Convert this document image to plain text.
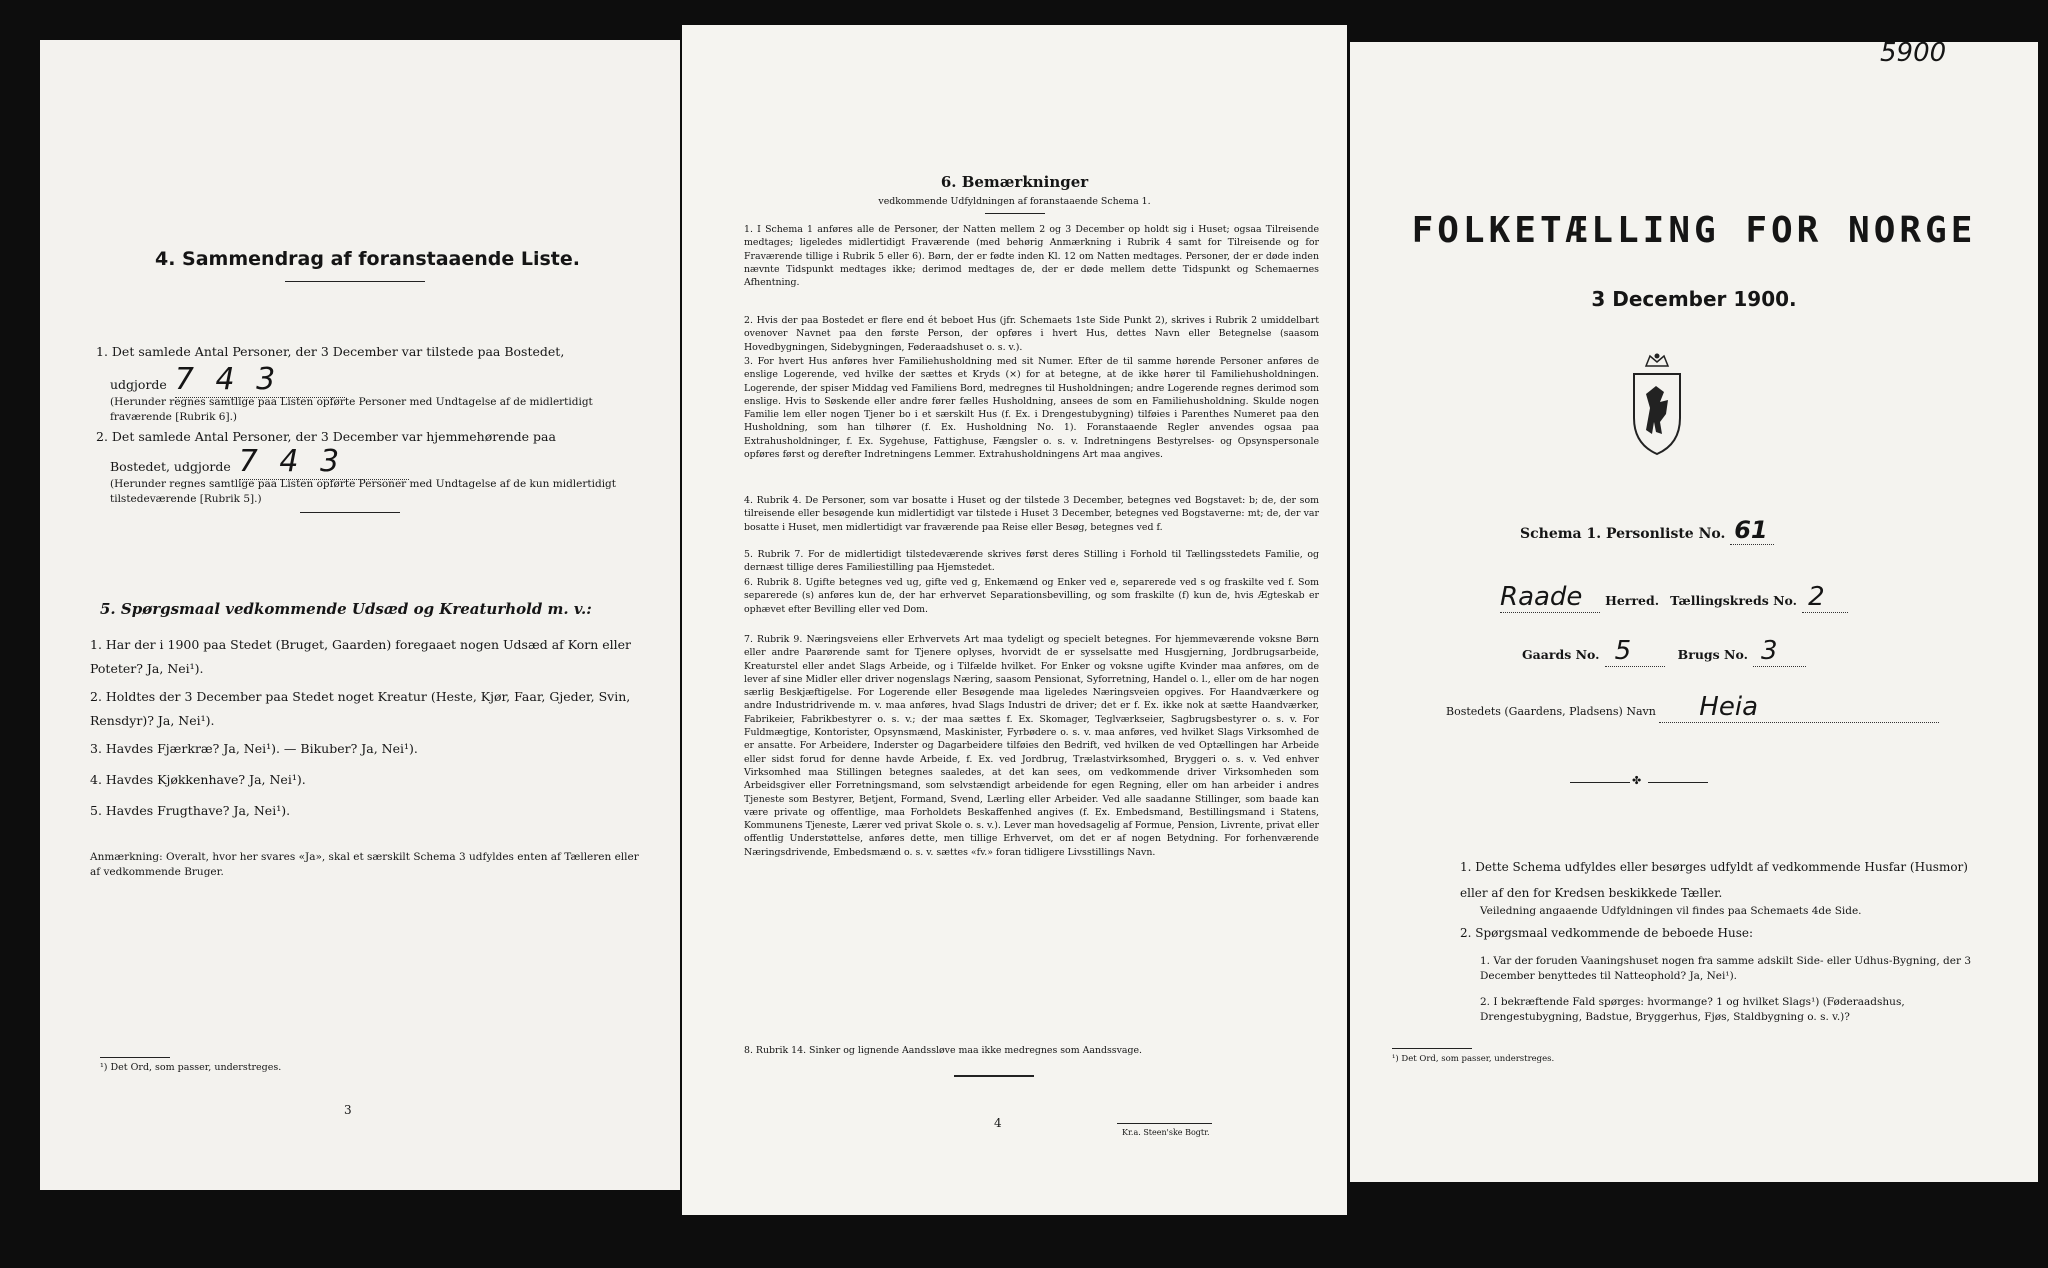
4. Sammendrag af foranstaaende Liste.
1. Det samlede Antal Personer, der 3 December var tilstede paa Bostedet,
udgjorde 7 4 3
(Herunder regnes samtlige paa Listen opførte Personer med Undtagelse af de midlertidigt fraværende [Rubrik 6].)
2. Det samlede Antal Personer, der 3 December var hjemmehørende paa
Bostedet, udgjorde 7 4 3
(Herunder regnes samtlige paa Listen opførte Personer med Undtagelse af de kun midlertidigt tilstedeværende [Rubrik 5].)
5. Spørgsmaal vedkommende Udsæd og Kreaturhold m. v.:
1. Har der i 1900 paa Stedet (Bruget, Gaarden) foregaaet nogen Udsæd af Korn eller Poteter? Ja, Nei¹).
2. Holdtes der 3 December paa Stedet noget Kreatur (Heste, Kjør, Faar, Gjeder, Svin, Rensdyr)? Ja, Nei¹).
3. Havdes Fjærkræ? Ja, Nei¹). — Bikuber? Ja, Nei¹).
4. Havdes Kjøkkenhave? Ja, Nei¹).
5. Havdes Frugthave? Ja, Nei¹).
Anmærkning: Overalt, hvor her svares «Ja», skal et særskilt Schema 3 udfyldes enten af Tælleren eller af vedkommende Bruger.
¹) Det Ord, som passer, understreges.
3
6. Bemærkninger
vedkommende Udfyldningen af foranstaaende Schema 1.
1. I Schema 1 anføres alle de Personer, der Natten mellem 2 og 3 December op holdt sig i Huset; ogsaa Tilreisende medtages; ligeledes midlertidigt Fraværende (med behørig Anmærkning i Rubrik 4 samt for Tilreisende og for Fraværende tillige i Rubrik 5 eller 6). Børn, der er fødte inden Kl. 12 om Natten medtages. Personer, der er døde inden nævnte Tidspunkt medtages ikke; derimod medtages de, der er døde mellem dette Tidspunkt og Schemaernes Afhentning.
2. Hvis der paa Bostedet er flere end ét beboet Hus (jfr. Schemaets 1ste Side Punkt 2), skrives i Rubrik 2 umiddelbart ovenover Navnet paa den første Person, der opføres i hvert Hus, dettes Navn eller Betegnelse (saasom Hovedbygningen, Sidebygningen, Føderaadshuset o. s. v.).
3. For hvert Hus anføres hver Familiehusholdning med sit Numer. Efter de til samme hørende Personer anføres de enslige Logerende, ved hvilke der sættes et Kryds (×) for at betegne, at de ikke hører til Familiehusholdningen. Logerende, der spiser Middag ved Familiens Bord, medregnes til Husholdningen; andre Logerende regnes derimod som enslige. Hvis to Søskende eller andre fører fælles Husholdning, ansees de som en Familiehusholdning. Skulde nogen Familie lem eller nogen Tjener bo i et særskilt Hus (f. Ex. i Drengestubygning) tilføies i Parenthes Numeret paa den Husholdning, som han tilhører (f. Ex. Husholdning No. 1). Foranstaaende Regler anvendes ogsaa paa Extrahusholdninger, f. Ex. Sygehuse, Fattighuse, Fængsler o. s. v. Indretningens Bestyrelses- og Opsynspersonale opføres først og derefter Indretningens Lemmer. Extrahusholdningens Art maa angives.
4. Rubrik 4. De Personer, som var bosatte i Huset og der tilstede 3 December, betegnes ved Bogstavet: b; de, der som tilreisende eller besøgende kun midlertidigt var tilstede i Huset 3 December, betegnes ved Bogstaverne: mt; de, der var bosatte i Huset, men midlertidigt var fraværende paa Reise eller Besøg, betegnes ved f.
5. Rubrik 7. For de midlertidigt tilstedeværende skrives først deres Stilling i Forhold til Tællingsstedets Familie, og dernæst tillige deres Familiestilling paa Hjemstedet.
6. Rubrik 8. Ugifte betegnes ved ug, gifte ved g, Enkemænd og Enker ved e, separerede ved s og fraskilte ved f. Som separerede (s) anføres kun de, der har erhvervet Separationsbevilling, og som fraskilte (f) kun de, hvis Ægteskab er ophævet efter Bevilling eller ved Dom.
7. Rubrik 9. Næringsveiens eller Erhvervets Art maa tydeligt og specielt betegnes. For hjemmeværende voksne Børn eller andre Paarørende samt for Tjenere oplyses, hvorvidt de er sysselsatte med Husgjerning, Jordbrugsarbeide, Kreaturstel eller andet Slags Arbeide, og i Tilfælde hvilket. For Enker og voksne ugifte Kvinder maa anføres, om de lever af sine Midler eller driver nogenslags Næring, saasom Pensionat, Syforretning, Handel o. l., eller om de har nogen særlig Beskjæftigelse. For Logerende eller Besøgende maa ligeledes Næringsveien opgives. For Haandværkere og andre Industridrivende m. v. maa anføres, hvad Slags Industri de driver; det er f. Ex. ikke nok at sætte Haandværker, Fabrikeier, Fabrikbestyrer o. s. v.; der maa sættes f. Ex. Skomager, Teglværkseier, Sagbrugsbestyrer o. s. v. For Fuldmægtige, Kontorister, Opsynsmænd, Maskinister, Fyrbødere o. s. v. maa anføres, ved hvilket Slags Virksomhed de er ansatte. For Arbeidere, Inderster og Dagarbeidere tilføies den Bedrift, ved hvilken de ved Optællingen har Arbeide eller sidst forud for denne havde Arbeide, f. Ex. ved Jordbrug, Trælastvirksomhed, Bryggeri o. s. v. Ved enhver Virksomhed maa Stillingen betegnes saaledes, at det kan sees, om vedkommende driver Virksomheden som Arbeidsgiver eller Forretningsmand, som selvstændigt arbeidende for egen Regning, eller om han arbeider i andres Tjeneste som Bestyrer, Betjent, Formand, Svend, Lærling eller Arbeider. Ved alle saadanne Stillinger, som baade kan være private og offentlige, maa Forholdets Beskaffenhed angives (f. Ex. Embedsmand, Bestillingsmand i Statens, Kommunens Tjeneste, Lærer ved privat Skole o. s. v.). Lever man hovedsagelig af Formue, Pension, Livrente, privat eller offentlig Understøttelse, anføres dette, men tillige Erhvervet, om det er af nogen Betydning. For forhenværende Næringsdrivende, Embedsmænd o. s. v. sættes «fv.» foran tidligere Livsstillings Navn.
8. Rubrik 14. Sinker og lignende Aandssløve maa ikke medregnes som Aandssvage.
4
Kr.a. Steen'ske Bogtr.
5900
FOLKETÆLLING FOR NORGE
3 December 1900.
Schema 1. Personliste No. 61
Raade Herred. Tællingskreds No. 2
Gaards No. 5	Brugs No. 3
Bostedets (Gaardens, Pladsens) Navn Heia
✤
1. Dette Schema udfyldes eller besørges udfyldt af vedkommende Husfar (Husmor) eller af den for Kredsen beskikkede Tæller.
Veiledning angaaende Udfyldningen vil findes paa Schemaets 4de Side.
2. Spørgsmaal vedkommende de beboede Huse:
1. Var der foruden Vaaningshuset nogen fra samme adskilt Side- eller Udhus-Bygning, der 3 December benyttedes til Natteophold? Ja, Nei¹).
2. I bekræftende Fald spørges: hvormange? 1 og hvilket Slags¹) (Føderaadshus, Drengestubygning, Badstue, Bryggerhus, Fjøs, Staldbygning o. s. v.)?
¹) Det Ord, som passer, understreges.
